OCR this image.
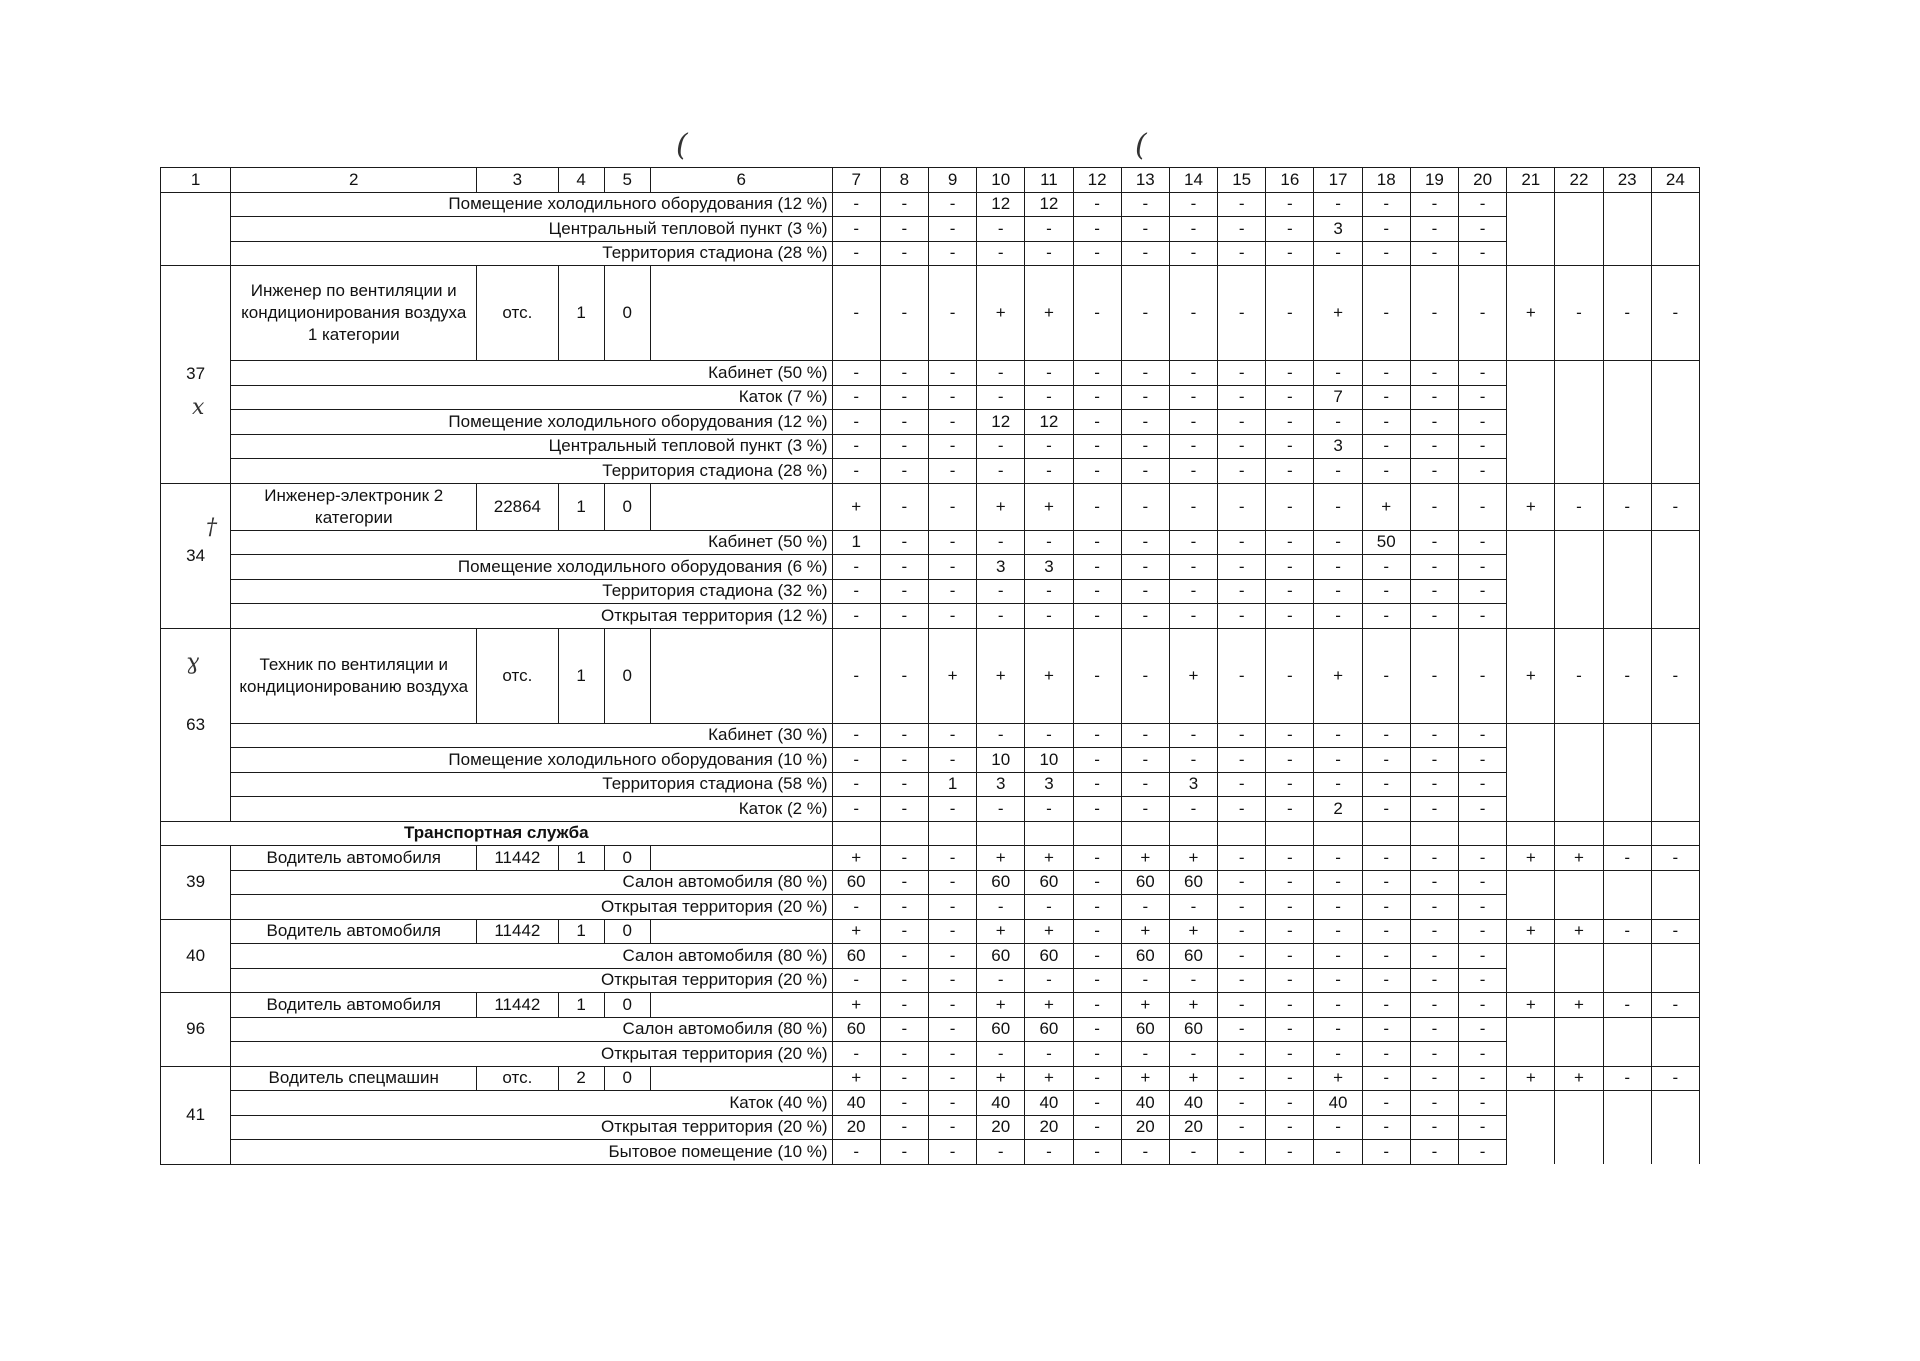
1	2	3	4	5	6	7	8	9	10	11	12	13	14	15	16	17	18	19	20	21	22	23	24
	Помещение холодильного оборудования (12 %)					-	-	-	12	12	-	-	-	-	-	-	-	-	-				
	Центральный тепловой пункт (3 %)					-	-	-	-	-	-	-	-	-	-	3	-	-	-				
	Территория стадиона (28 %)					-	-	-	-	-	-	-	-	-	-	-	-	-	-				
37	Инженер по вентиляции и кондиционирования воздуха 1 категории	отс.	1	0		-	-	-	+	+	-	-	-	-	-	+	-	-	-	+	-	-	-
	Кабинет (50 %)					-	-	-	-	-	-	-	-	-	-	-	-	-	-				
	Каток (7 %)					-	-	-	-	-	-	-	-	-	-	7	-	-	-				
	Помещение холодильного оборудования (12 %)					-	-	-	12	12	-	-	-	-	-	-	-	-	-				
	Центральный тепловой пункт (3 %)					-	-	-	-	-	-	-	-	-	-	3	-	-	-				
	Территория стадиона (28 %)					-	-	-	-	-	-	-	-	-	-	-	-	-	-				
34	Инженер-электроник 2 категории	22864	1	0		+	-	-	+	+	-	-	-	-	-	-	+	-	-	+	-	-	-
	Кабинет (50 %)					1	-	-	-	-	-	-	-	-	-	-	50	-	-				
	Помещение холодильного оборудования (6 %)					-	-	-	3	3	-	-	-	-	-	-	-	-	-				
	Территория стадиона (32 %)					-	-	-	-	-	-	-	-	-	-	-	-	-	-				
	Открытая территория (12 %)					-	-	-	-	-	-	-	-	-	-	-	-	-	-				
63	Техник по вентиляции и кондиционированию воздуха	отс.	1	0		-	-	+	+	+	-	-	+	-	-	+	-	-	-	+	-	-	-
	Кабинет (30 %)					-	-	-	-	-	-	-	-	-	-	-	-	-	-				
	Помещение холодильного оборудования (10 %)					-	-	-	10	10	-	-	-	-	-	-	-	-	-				
	Территория стадиона (58 %)					-	-	1	3	3	-	-	3	-	-	-	-	-	-				
	Каток (2 %)					-	-	-	-	-	-	-	-	-	-	2	-	-	-				
Транспортная служба																							
39	Водитель автомобиля	11442	1	0		+	-	-	+	+	-	+	+	-	-	-	-	-	-	+	+	-	-
	Салон автомобиля (80 %)					60	-	-	60	60	-	60	60	-	-	-	-	-	-				
	Открытая территория (20 %)					-	-	-	-	-	-	-	-	-	-	-	-	-	-				
40	Водитель автомобиля	11442	1	0		+	-	-	+	+	-	+	+	-	-	-	-	-	-	+	+	-	-
	Салон автомобиля (80 %)					60	-	-	60	60	-	60	60	-	-	-	-	-	-				
	Открытая территория (20 %)					-	-	-	-	-	-	-	-	-	-	-	-	-	-				
96	Водитель автомобиля	11442	1	0		+	-	-	+	+	-	+	+	-	-	-	-	-	-	+	+	-	-
	Салон автомобиля (80 %)					60	-	-	60	60	-	60	60	-	-	-	-	-	-				
	Открытая территория (20 %)					-	-	-	-	-	-	-	-	-	-	-	-	-	-				
41	Водитель спецмашин	отс.	2	0		+	-	-	+	+	-	+	+	-	-	+	-	-	-	+	+	-	-
	Каток (40 %)					40	-	-	40	40	-	40	40	-	-	40	-	-	-				
	Открытая территория (20 %)					20	-	-	20	20	-	20	20	-	-	-	-	-	-				
	Бытовое помещение (10 %)					-	-	-	-	-	-	-	-	-	-	-	-	-	-				
(	(
x
†
ɣ
